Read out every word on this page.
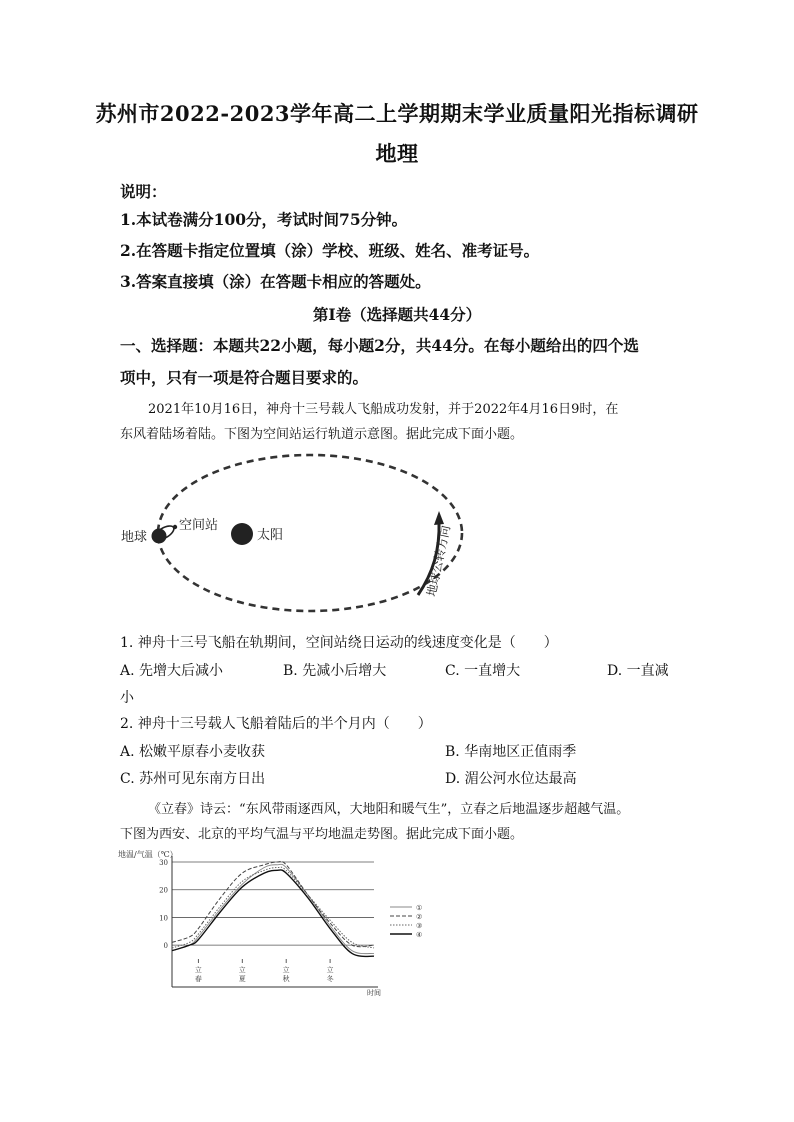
苏州市2022-2023学年高二上学期期末学业质量阳光指标调研
地理
说明：
1.本试卷满分100分，考试时间75分钟。
2.在答题卡指定位置填（涂）学校、班级、姓名、准考证号。
3.答案直接填（涂）在答题卡相应的答题处。
第Ⅰ卷（选择题共44分）
一、选择题：本题共22小题，每小题2分，共44分。在每小题给出的四个选
项中，只有一项是符合题目要求的。
2021年10月16日，神舟十三号载人飞船成功发射，并于2022年4月16日9时，在
东风着陆场着陆。下图为空间站运行轨道示意图。据此完成下面小题。
太阳
地球
空间站	地球公转方向
1. 神舟十三号飞船在轨期间，空间站绕日运动的线速度变化是（　　）
A. 先增大后减小	B. 先减小后增大	C. 一直增大	D. 一直减
小
2. 神舟十三号载人飞船着陆后的半个月内（　　）
A. 松嫩平原春小麦收获	B. 华南地区正值雨季
C. 苏州可见东南方日出	D. 湄公河水位达最高
《立春》诗云：“东风带雨逐西风，大地阳和暖气生”，立春之后地温逐步超越气温。
下图为西安、北京的平均气温与平均地温走势图。据此完成下面小题。
0
10
20
30
立
春
立
夏
立
秋
立
冬
①
②
③
④
地温/气温（℃）
时间
